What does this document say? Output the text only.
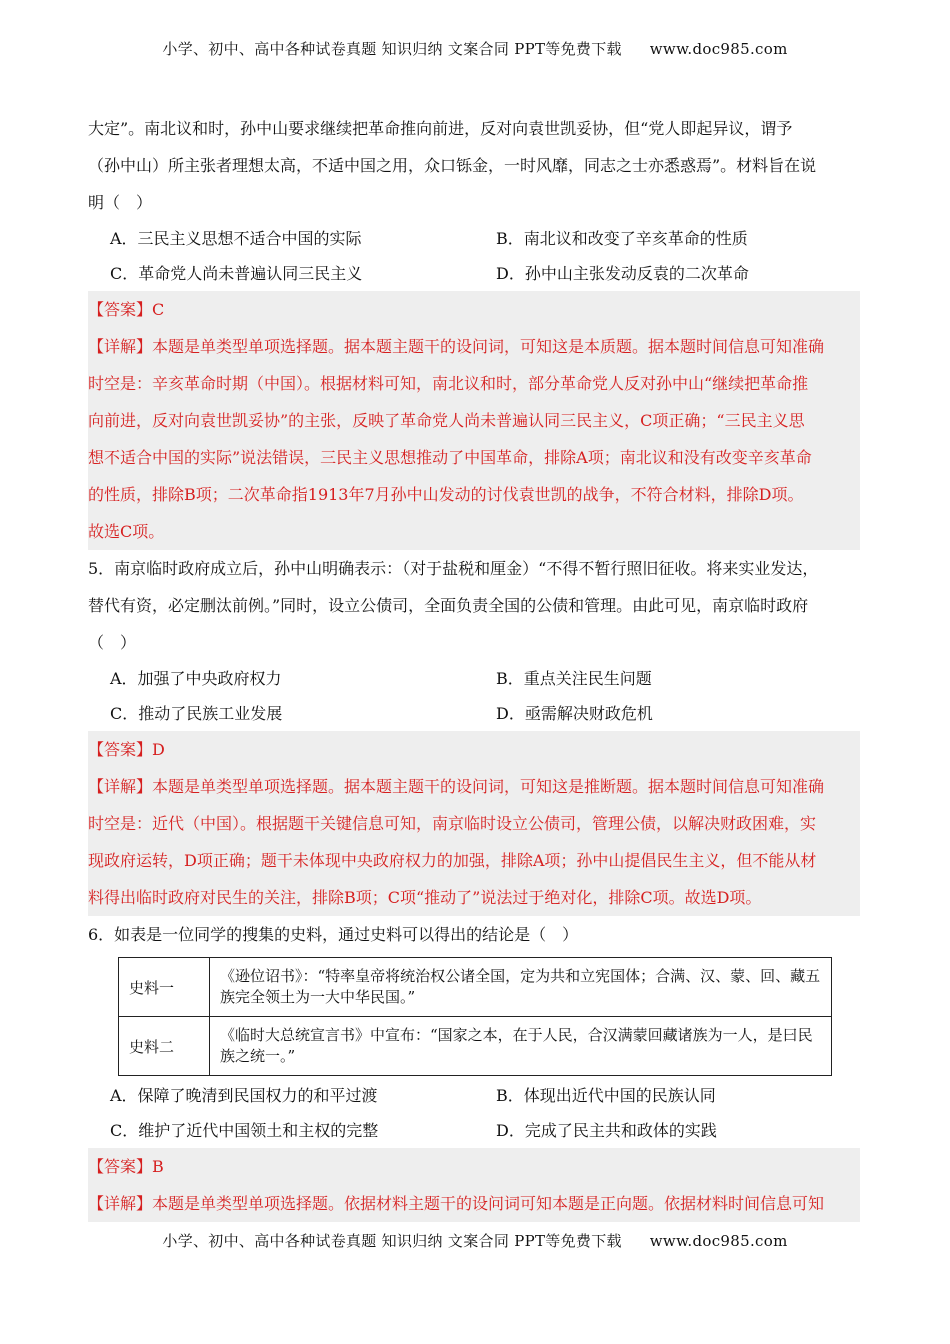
小学、初中、高中各种试卷真题 知识归纳 文案合同 PPT等免费下载 www.doc985.com

大定”。南北议和时，孙中山要求继续把革命推向前进，反对向袁世凯妥协，但“党人即起异议，谓予

（孙中山）所主张者理想太高，不适中国之用，众口铄金，一时风靡，同志之士亦悉惑焉”。材料旨在说

明（　）

A．三民主义思想不适合中国的实际	B．南北议和改变了辛亥革命的性质
C．革命党人尚未普遍认同三民主义	D．孙中山主张发动反袁的二次革命

【答案】C

【详解】本题是单类型单项选择题。据本题主题干的设问词，可知这是本质题。据本题时间信息可知准确

时空是：辛亥革命时期（中国）。根据材料可知，南北议和时，部分革命党人反对孙中山“继续把革命推

向前进，反对向袁世凯妥协”的主张，反映了革命党人尚未普遍认同三民主义，C项正确；“三民主义思

想不适合中国的实际”说法错误，三民主义思想推动了中国革命，排除A项；南北议和没有改变辛亥革命

的性质，排除B项；二次革命指1913年7月孙中山发动的讨伐袁世凯的战争，不符合材料，排除D项。

故选C项。

5．南京临时政府成立后，孙中山明确表示：（对于盐税和厘金）“不得不暂行照旧征收。将来实业发达，

替代有资，必定删汰前例。”同时，设立公债司，全面负责全国的公债和管理。由此可见，南京临时政府

（　）

A．加强了中央政府权力	B．重点关注民生问题
C．推动了民族工业发展	D．亟需解决财政危机

【答案】D

【详解】本题是单类型单项选择题。据本题主题干的设问词，可知这是推断题。据本题时间信息可知准确

时空是：近代（中国）。根据题干关键信息可知，南京临时设立公债司，管理公债，以解决财政困难，实

现政府运转，D项正确；题干未体现中央政府权力的加强，排除A项；孙中山提倡民生主义，但不能从材

料得出临时政府对民生的关注，排除B项；C项“推动了”说法过于绝对化，排除C项。故选D项。

6．如表是一位同学的搜集的史料，通过史料可以得出的结论是（　）

史料一	《逊位诏书》：“特率皇帝将统治权公诸全国，定为共和立宪国体；合满、汉、蒙、回、藏五族完全领土为一大中华民国。”
史料二	《临时大总统宣言书》中宣布：“国家之本，在于人民，合汉满蒙回藏诸族为一人，是曰民族之统一。”
A．保障了晚清到民国权力的和平过渡	B．体现出近代中国的民族认同
C．维护了近代中国领土和主权的完整	D．完成了民主共和政体的实践

【答案】B

【详解】本题是单类型单项选择题。依据材料主题干的设问词可知本题是正向题。依据材料时间信息可知

小学、初中、高中各种试卷真题 知识归纳 文案合同 PPT等免费下载 www.doc985.com
